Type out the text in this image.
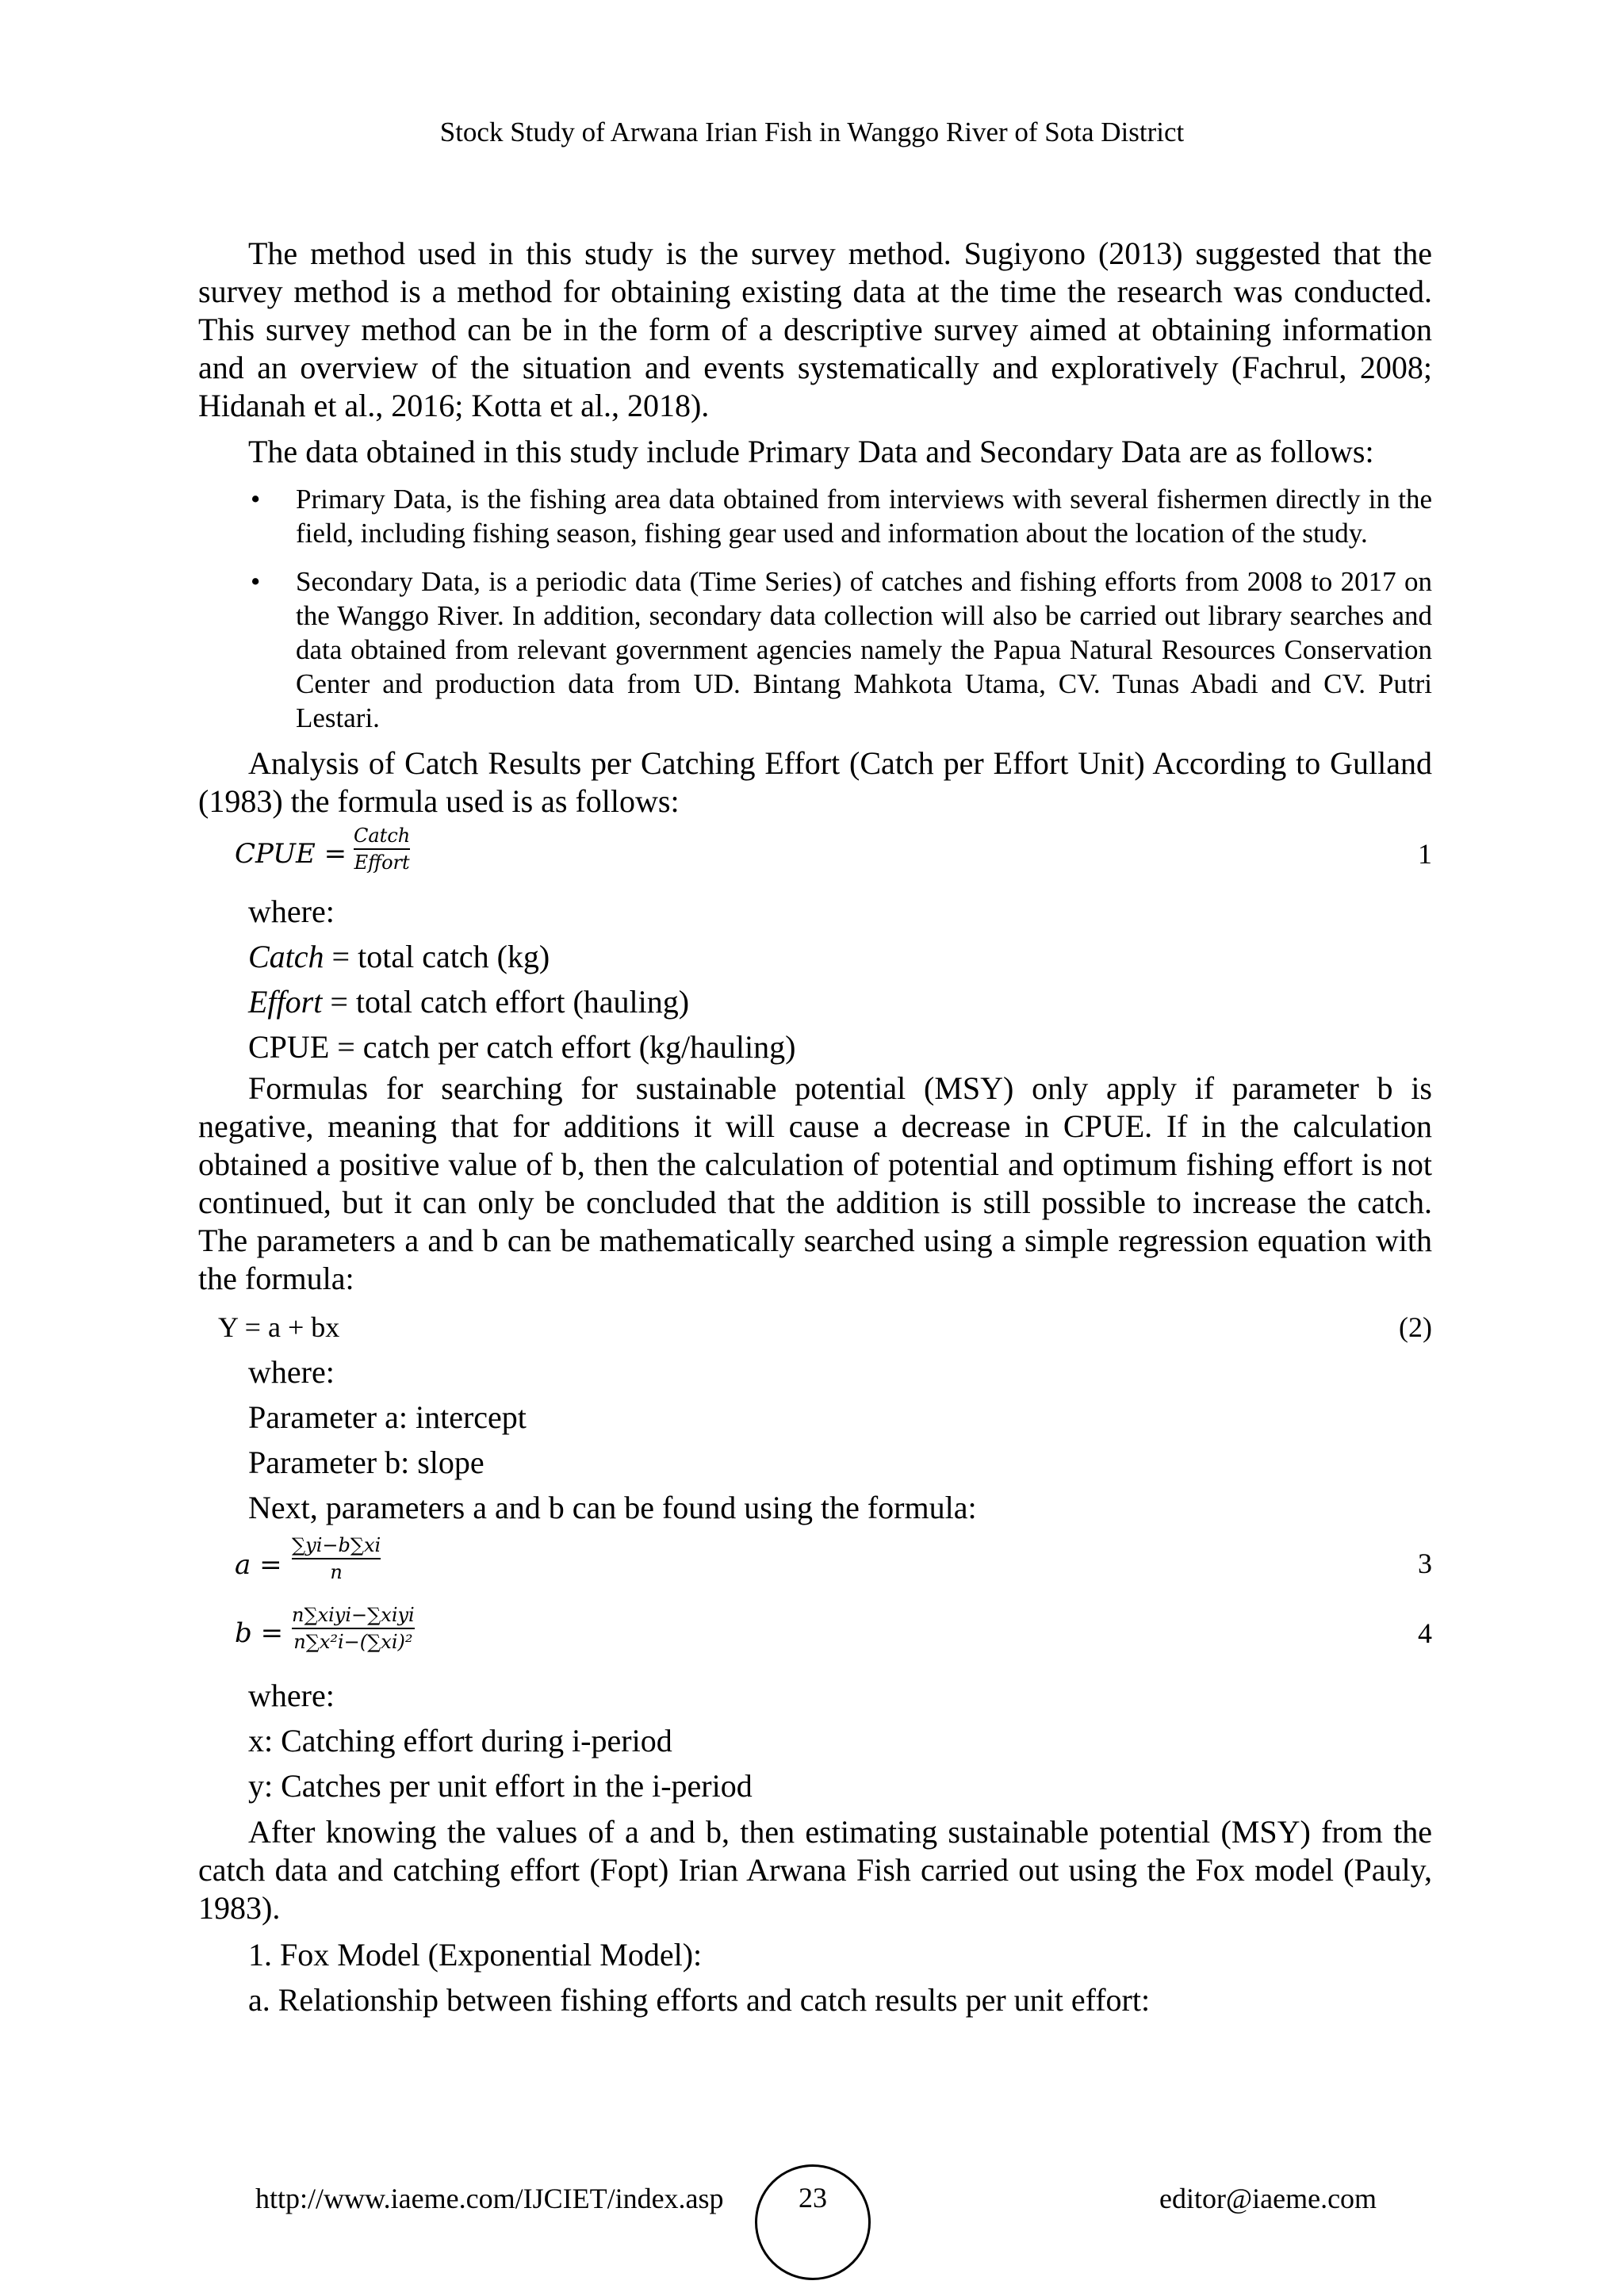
Stock Study of Arwana Irian Fish in Wanggo River of Sota District

The method used in this study is the survey method. Sugiyono (2013) suggested that the survey method is a method for obtaining existing data at the time the research was conducted. This survey method can be in the form of a descriptive survey aimed at obtaining information and an overview of the situation and events systematically and exploratively (Fachrul, 2008; Hidanah et al., 2016; Kotta et al., 2018).

The data obtained in this study include Primary Data and Secondary Data are as follows:

• Primary Data, is the fishing area data obtained from interviews with several fishermen directly in the field, including fishing season, fishing gear used and information about the location of the study.
• Secondary Data, is a periodic data (Time Series) of catches and fishing efforts from 2008 to 2017 on the Wanggo River. In addition, secondary data collection will also be carried out library searches and data obtained from relevant government agencies namely the Papua Natural Resources Conservation Center and production data from UD. Bintang Mahkota Utama, CV. Tunas Abadi and CV. Putri Lestari.

Analysis of Catch Results per Catching Effort (Catch per Effort Unit) According to Gulland (1983) the formula used is as follows:

CPUE =
Catch
Effort	1

where:

Catch = total catch (kg)

Effort = total catch effort (hauling)

CPUE = catch per catch effort (kg/hauling)

Formulas for searching for sustainable potential (MSY) only apply if parameter b is negative, meaning that for additions it will cause a decrease in CPUE. If in the calculation obtained a positive value of b, then the calculation of potential and optimum fishing effort is not continued, but it can only be concluded that the addition is still possible to increase the catch. The parameters a and b can be mathematically searched using a simple regression equation with the formula:

Y = a + bx	(2)

where:

Parameter a: intercept

Parameter b: slope

Next, parameters a and b can be found using the formula:

a =
∑yi−b∑xi
n	3
b =
n∑xiyi−∑xiyi
n∑x²i−(∑xi)²	4

where:

x: Catching effort during i-period

y: Catches per unit effort in the i-period

After knowing the values of a and b, then estimating sustainable potential (MSY) from the catch data and catching effort (Fopt) Irian Arwana Fish carried out using the Fox model (Pauly, 1983).

1. Fox Model (Exponential Model):

a. Relationship between fishing efforts and catch results per unit effort:

http://www.iaeme.com/IJCIET/index.asp	23	editor@iaeme.com
